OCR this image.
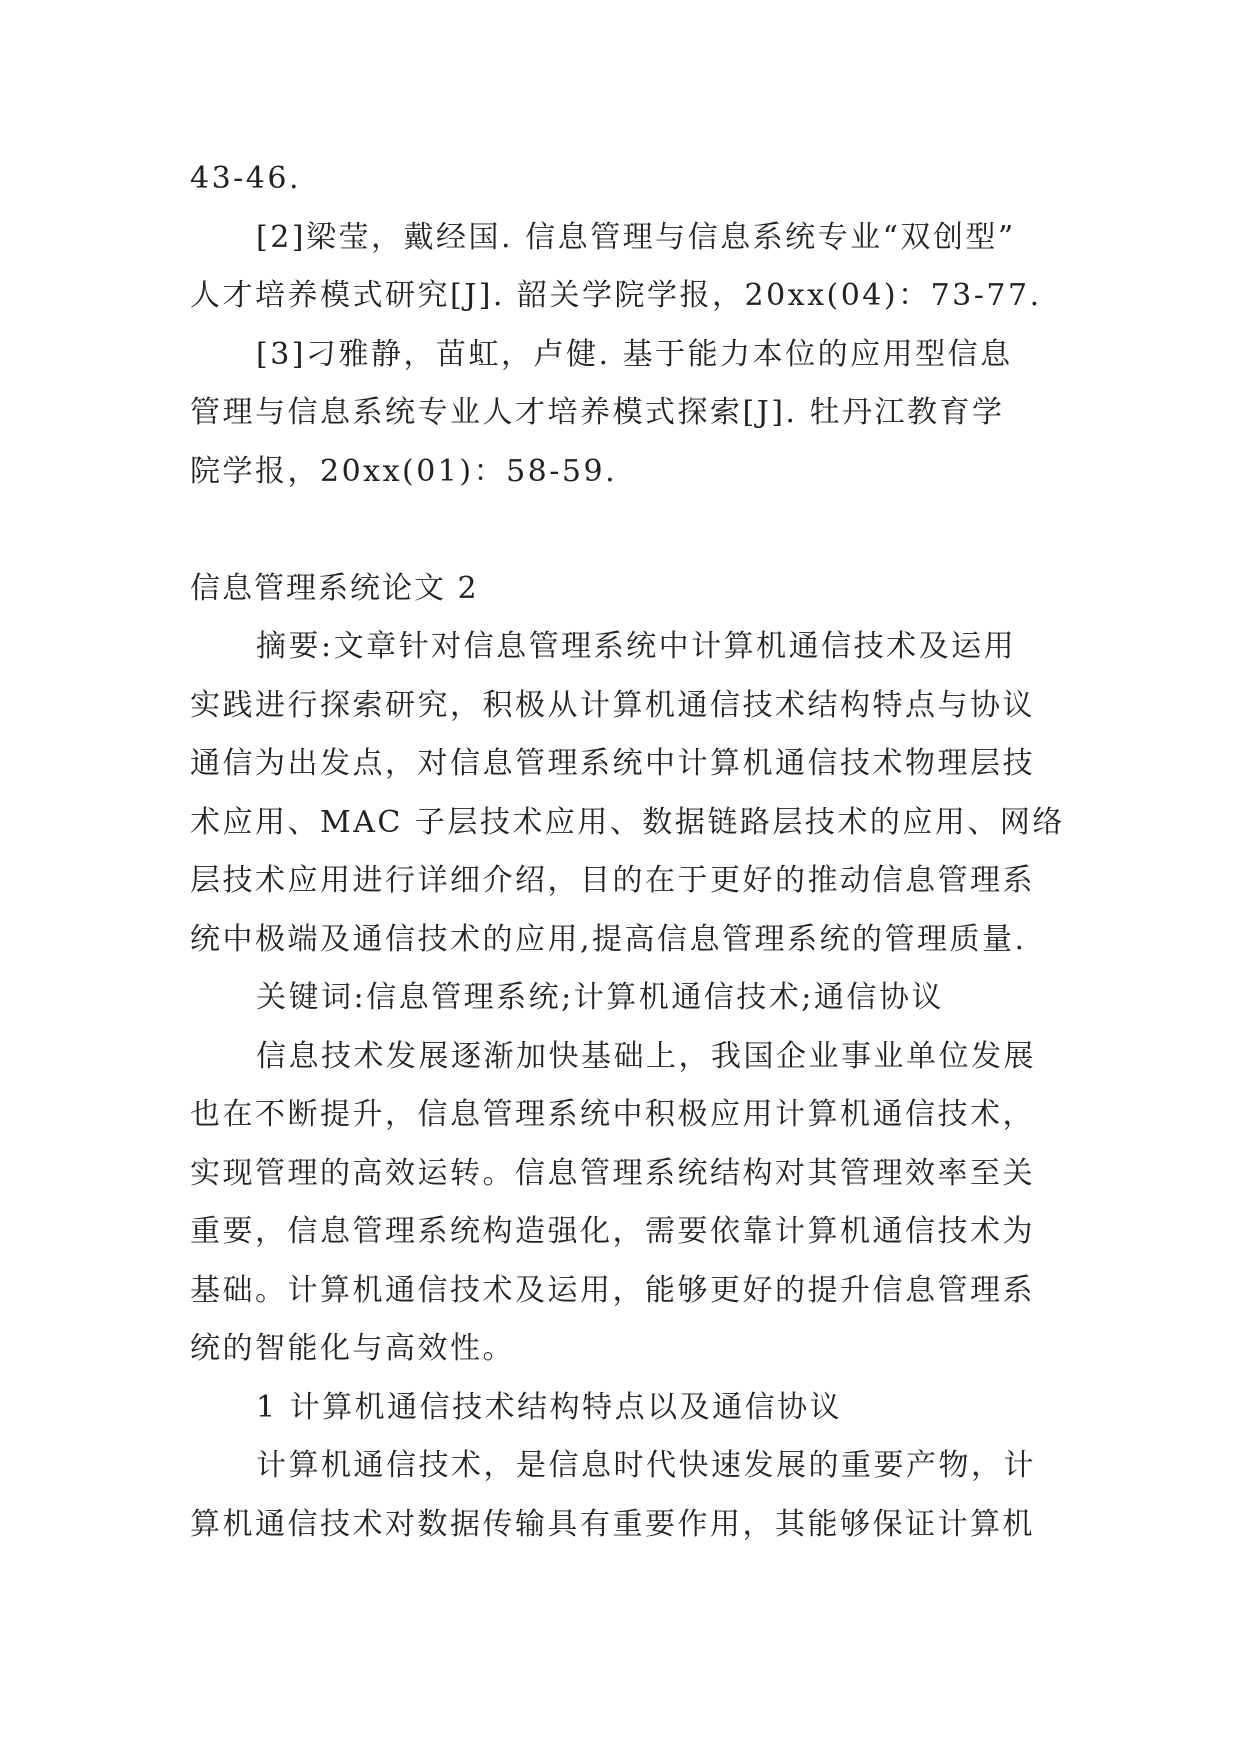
43-46.
[2]梁莹，戴经国. 信息管理与信息系统专业“双创型”
人才培养模式研究[J]. 韶关学院学报，20xx(04)：73-77.
[3]刁雅静，苗虹，卢健. 基于能力本位的应用型信息
管理与信息系统专业人才培养模式探索[J]. 牡丹江教育学
院学报，20xx(01)：58-59.
信息管理系统论文 2
摘要:文章针对信息管理系统中计算机通信技术及运用
实践进行探索研究，积极从计算机通信技术结构特点与协议
通信为出发点，对信息管理系统中计算机通信技术物理层技
术应用、MAC 子层技术应用、数据链路层技术的应用、网络
层技术应用进行详细介绍，目的在于更好的推动信息管理系
统中极端及通信技术的应用,提高信息管理系统的管理质量.
关键词:信息管理系统;计算机通信技术;通信协议
信息技术发展逐渐加快基础上，我国企业事业单位发展
也在不断提升，信息管理系统中积极应用计算机通信技术，
实现管理的高效运转。信息管理系统结构对其管理效率至关
重要，信息管理系统构造强化，需要依靠计算机通信技术为
基础。计算机通信技术及运用，能够更好的提升信息管理系
统的智能化与高效性。
1 计算机通信技术结构特点以及通信协议
计算机通信技术，是信息时代快速发展的重要产物，计
算机通信技术对数据传输具有重要作用，其能够保证计算机
